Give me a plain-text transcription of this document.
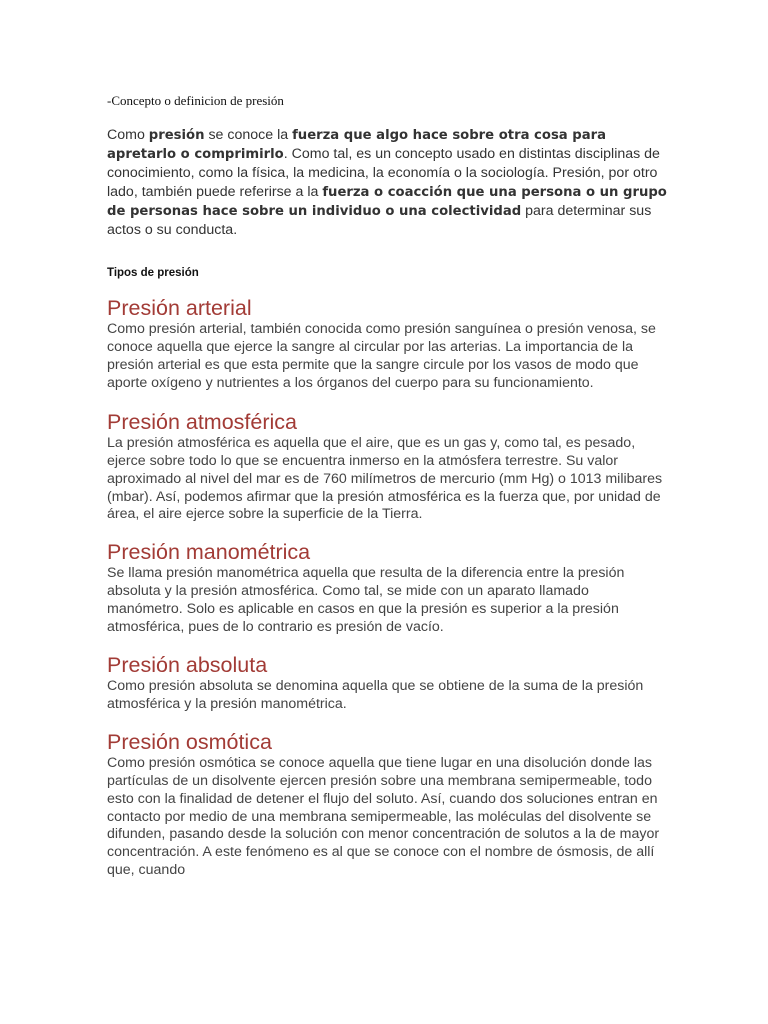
-Concepto o definicion de presión

Como presión se conoce la fuerza que algo hace sobre otra cosa para apretarlo o comprimirlo. Como tal, es un concepto usado en distintas disciplinas de conocimiento, como la física, la medicina, la economía o la sociología. Presión, por otro lado, también puede referirse a la fuerza o coacción que una persona o un grupo de personas hace sobre un individuo o una colectividad para determinar sus actos o su conducta.

Tipos de presión

Presión arterial

Como presión arterial, también conocida como presión sanguínea o presión venosa, se conoce aquella que ejerce la sangre al circular por las arterias. La importancia de la presión arterial es que esta permite que la sangre circule por los vasos de modo que aporte oxígeno y nutrientes a los órganos del cuerpo para su funcionamiento.

Presión atmosférica

La presión atmosférica es aquella que el aire, que es un gas y, como tal, es pesado, ejerce sobre todo lo que se encuentra inmerso en la atmósfera terrestre. Su valor aproximado al nivel del mar es de 760 milímetros de mercurio (mm Hg) o 1013 milibares (mbar). Así, podemos afirmar que la presión atmosférica es la fuerza que, por unidad de área, el aire ejerce sobre la superficie de la Tierra.

Presión manométrica

Se llama presión manométrica aquella que resulta de la diferencia entre la presión absoluta y la presión atmosférica. Como tal, se mide con un aparato llamado manómetro. Solo es aplicable en casos en que la presión es superior a la presión atmosférica, pues de lo contrario es presión de vacío.

Presión absoluta

Como presión absoluta se denomina aquella que se obtiene de la suma de la presión atmosférica y la presión manométrica.

Presión osmótica

Como presión osmótica se conoce aquella que tiene lugar en una disolución donde las partículas de un disolvente ejercen presión sobre una membrana semipermeable, todo esto con la finalidad de detener el flujo del soluto. Así, cuando dos soluciones entran en contacto por medio de una membrana semipermeable, las moléculas del disolvente se difunden, pasando desde la solución con menor concentración de solutos a la de mayor concentración. A este fenómeno es al que se conoce con el nombre de ósmosis, de allí que, cuando
